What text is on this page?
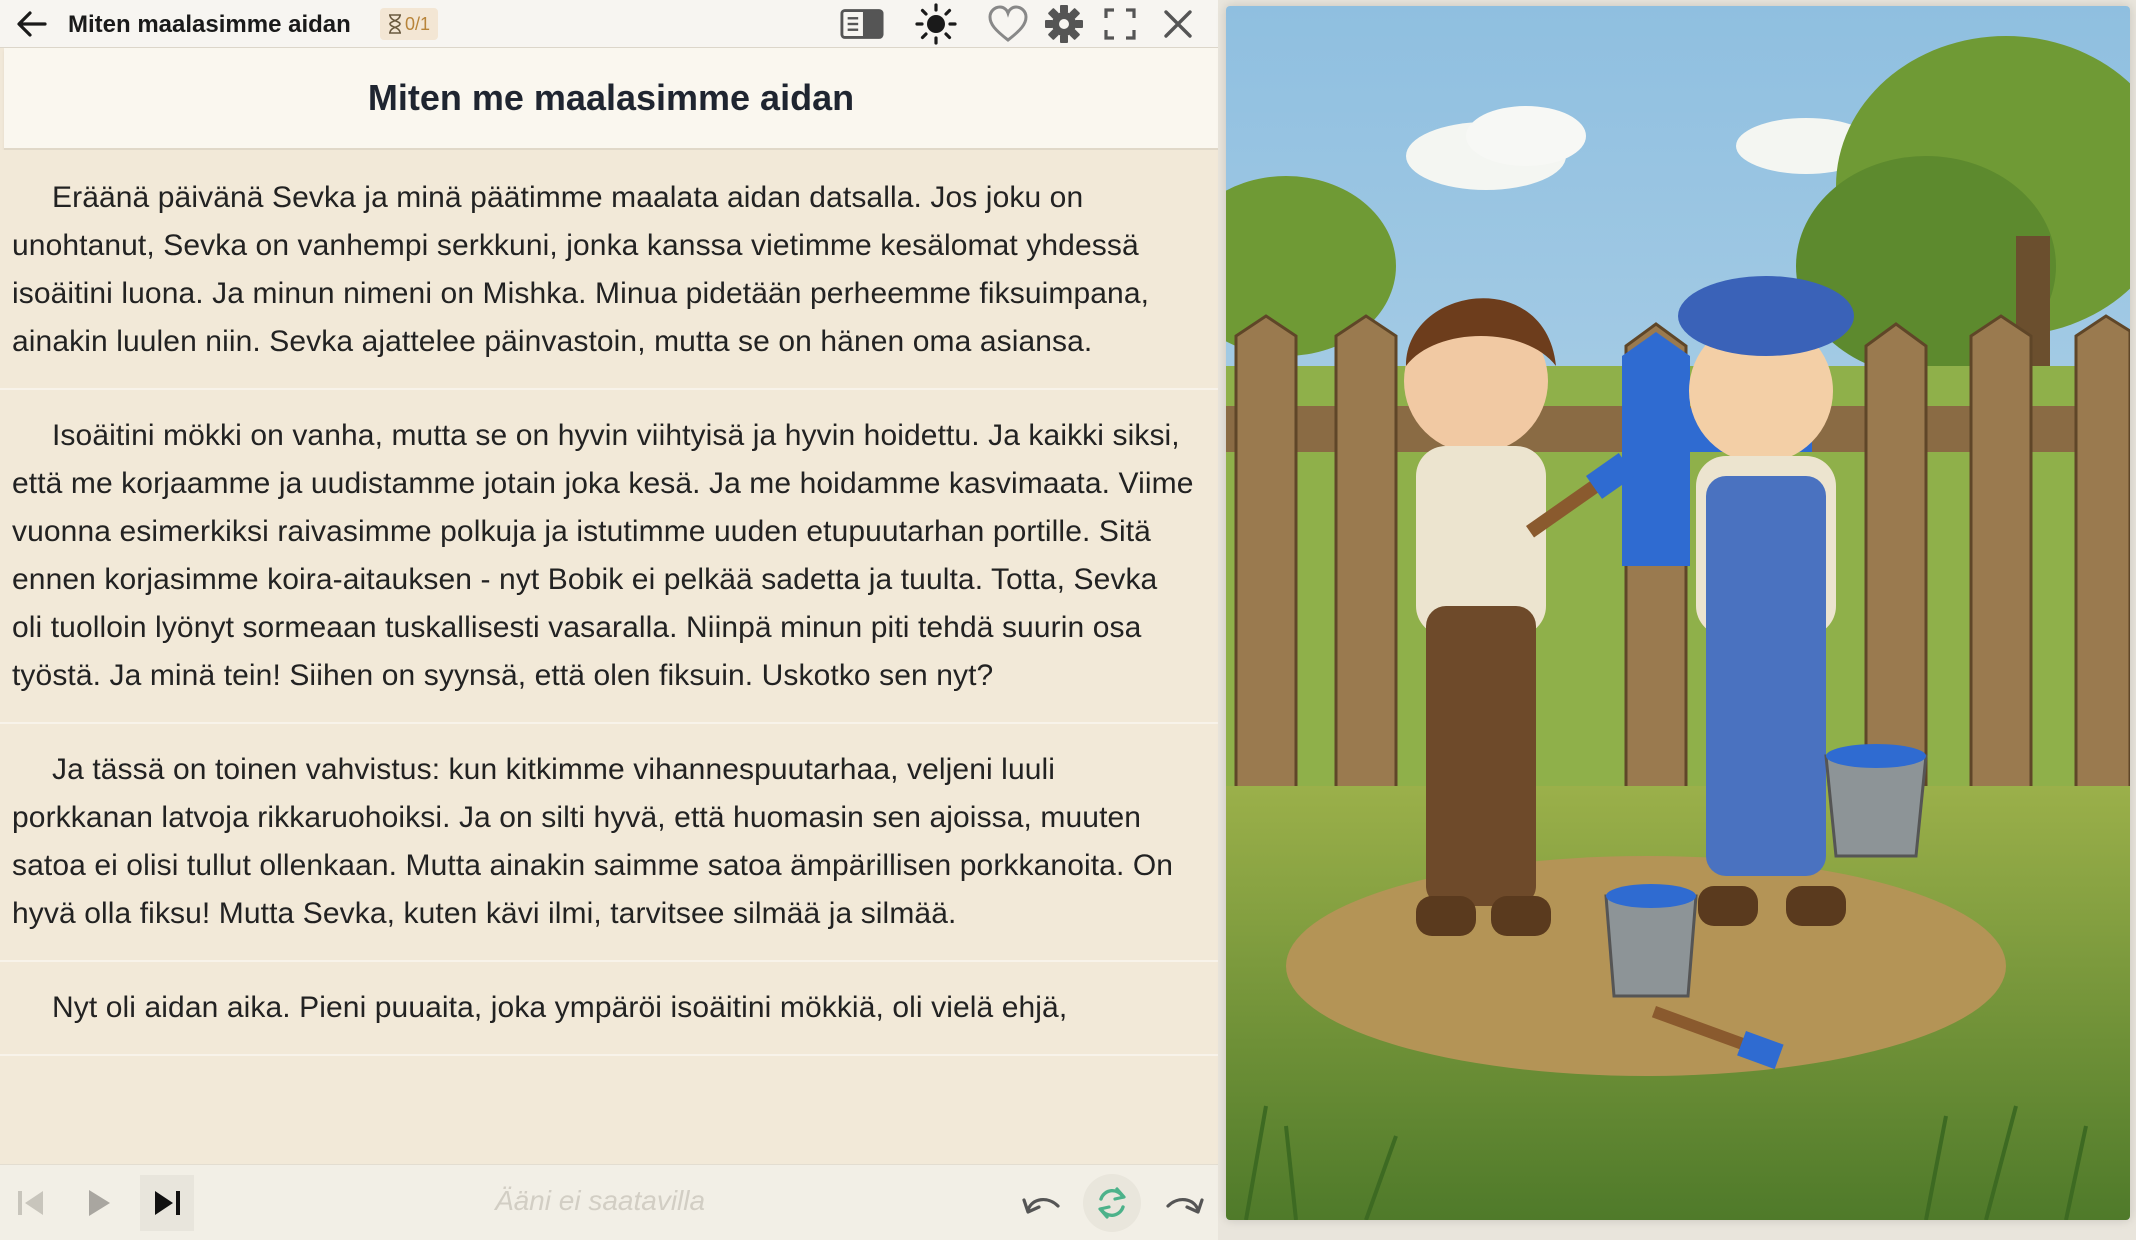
Miten maalasimme aidan	0/1
Miten me maalasimme aidan

Eräänä päivänä Sevka ja minä päätimme maalata aidan datsalla. Jos joku on unohtanut, Sevka on vanhempi serkkuni, jonka kanssa vietimme kesälomat yhdessä isoäitini luona. Ja minun nimeni on Mishka. Minua pidetään perheemme fiksuimpana, ainakin luulen niin. Sevka ajattelee päinvastoin, mutta se on hänen oma asiansa.

Isoäitini mökki on vanha, mutta se on hyvin viihtyisä ja hyvin hoidettu. Ja kaikki siksi, että me korjaamme ja uudistamme jotain joka kesä. Ja me hoidamme kasvimaata. Viime vuonna esimerkiksi raivasimme polkuja ja istutimme uuden etupuutarhan portille. Sitä ennen korjasimme koira-aitauksen - nyt Bobik ei pelkää sadetta ja tuulta. Totta, Sevka oli tuolloin lyönyt sormeaan tuskallisesti vasaralla. Niinpä minun piti tehdä suurin osa työstä. Ja minä tein! Siihen on syynsä, että olen fiksuin. Uskotko sen nyt?

Ja tässä on toinen vahvistus: kun kitkimme vihannespuutarhaa, veljeni luuli porkkanan latvoja rikkaruohoiksi. Ja on silti hyvä, että huomasin sen ajoissa, muuten satoa ei olisi tullut ollenkaan. Mutta ainakin saimme satoa ämpärillisen porkkanoita. On hyvä olla fiksu! Mutta Sevka, kuten kävi ilmi, tarvitsee silmää ja silmää.

Nyt oli aidan aika. Pieni puuaita, joka ympäröi isoäitini mökkiä, oli vielä ehjä,

Ääni ei saatavilla
